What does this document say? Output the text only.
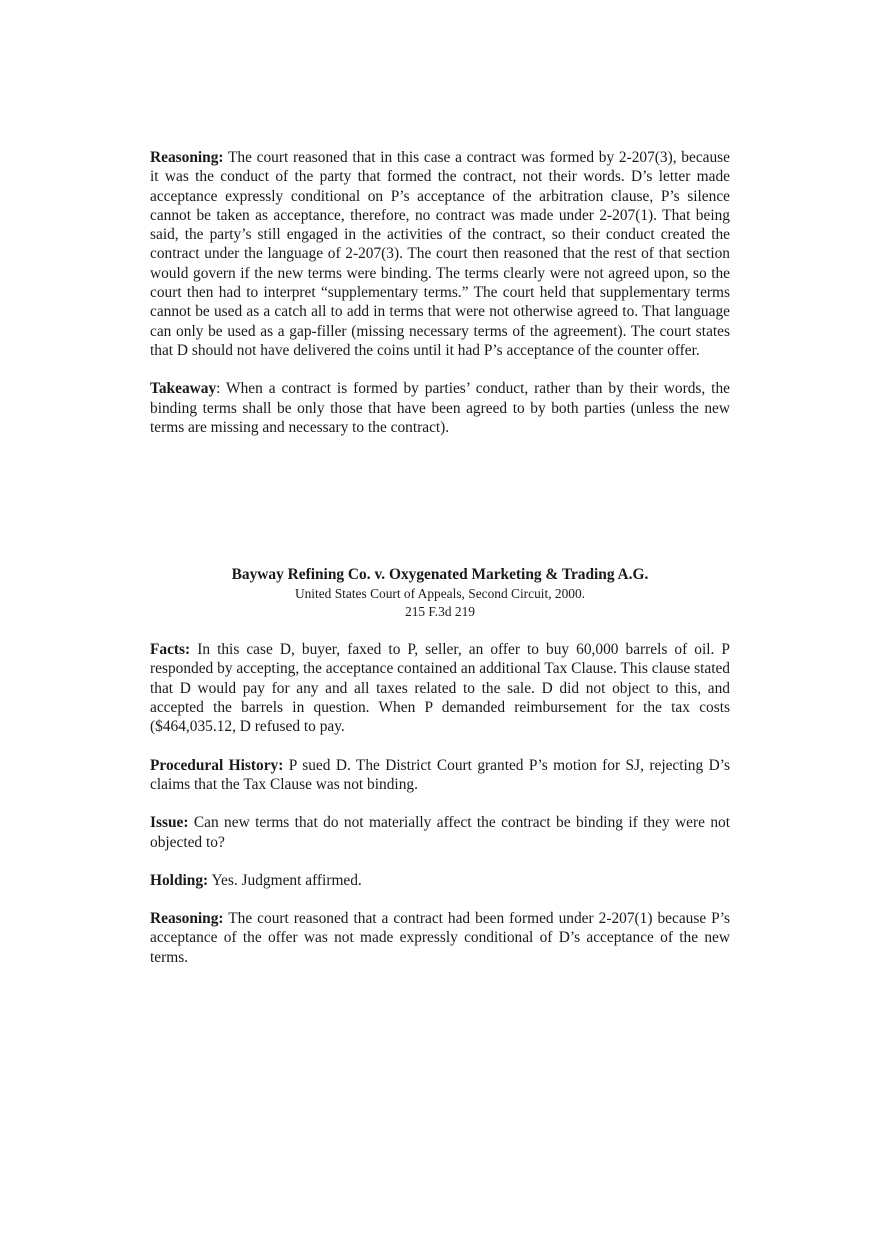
Reasoning: The court reasoned that in this case a contract was formed by 2-207(3), because it was the conduct of the party that formed the contract, not their words. D’s letter made acceptance expressly conditional on P’s acceptance of the arbitration clause, P’s silence cannot be taken as acceptance, therefore, no contract was made under 2-207(1). That being said, the party’s still engaged in the activities of the contract, so their conduct created the contract under the language of 2-207(3). The court then reasoned that the rest of that section would govern if the new terms were binding. The terms clearly were not agreed upon, so the court then had to interpret “supplementary terms.” The court held that supplementary terms cannot be used as a catch all to add in terms that were not otherwise agreed to. That language can only be used as a gap-filler (missing necessary terms of the agreement). The court states that D should not have delivered the coins until it had P’s acceptance of the counter offer.

Takeaway: When a contract is formed by parties’ conduct, rather than by their words, the binding terms shall be only those that have been agreed to by both parties (unless the new terms are missing and necessary to the contract).

Bayway Refining Co. v. Oxygenated Marketing & Trading A.G.

United States Court of Appeals, Second Circuit, 2000.

215 F.3d 219

Facts: In this case D, buyer, faxed to P, seller, an offer to buy 60,000 barrels of oil. P responded by accepting, the acceptance contained an additional Tax Clause. This clause stated that D would pay for any and all taxes related to the sale. D did not object to this, and accepted the barrels in question. When P demanded reimbursement for the tax costs ($464,035.12, D refused to pay.

Procedural History: P sued D. The District Court granted P’s motion for SJ, rejecting D’s claims that the Tax Clause was not binding.

Issue: Can new terms that do not materially affect the contract be binding if they were not objected to?

Holding: Yes. Judgment affirmed.

Reasoning: The court reasoned that a contract had been formed under 2-207(1) because P’s acceptance of the offer was not made expressly conditional of D’s acceptance of the new terms.
